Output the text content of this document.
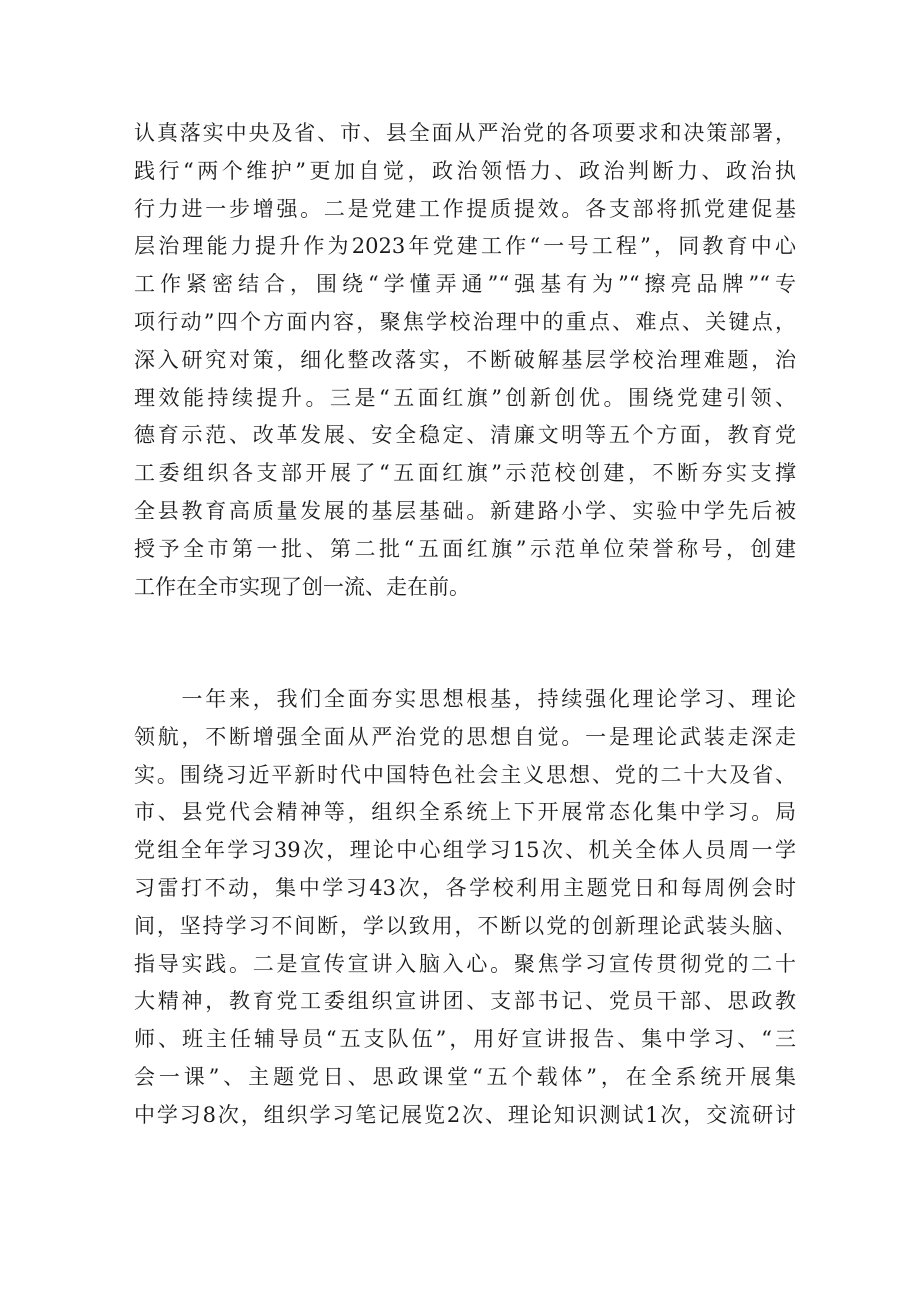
认真落实中央及省、市、县全面从严治党的各项要求和决策部署，
践行“两个维护”更加自觉，政治领悟力、政治判断力、政治执
行力进一步增强。二是党建工作提质提效。各支部将抓党建促基
层治理能力提升作为2023年党建工作“一号工程”，同教育中心
工作紧密结合，围绕“学懂弄通”“强基有为”“擦亮品牌”“专
项行动”四个方面内容，聚焦学校治理中的重点、难点、关键点，
深入研究对策，细化整改落实，不断破解基层学校治理难题，治
理效能持续提升。三是“五面红旗”创新创优。围绕党建引领、
德育示范、改革发展、安全稳定、清廉文明等五个方面，教育党
工委组织各支部开展了“五面红旗”示范校创建，不断夯实支撑
全县教育高质量发展的基层基础。新建路小学、实验中学先后被
授予全市第一批、第二批“五面红旗”示范单位荣誉称号，创建
工作在全市实现了创一流、走在前。
　　一年来，我们全面夯实思想根基，持续强化理论学习、理论
领航，不断增强全面从严治党的思想自觉。一是理论武装走深走
实。围绕习近平新时代中国特色社会主义思想、党的二十大及省、
市、县党代会精神等，组织全系统上下开展常态化集中学习。局
党组全年学习39次，理论中心组学习15次、机关全体人员周一学
习雷打不动，集中学习43次，各学校利用主题党日和每周例会时
间，坚持学习不间断，学以致用，不断以党的创新理论武装头脑、
指导实践。二是宣传宣讲入脑入心。聚焦学习宣传贯彻党的二十
大精神，教育党工委组织宣讲团、支部书记、党员干部、思政教
师、班主任辅导员“五支队伍”，用好宣讲报告、集中学习、“三
会一课”、主题党日、思政课堂“五个载体”，在全系统开展集
中学习8次，组织学习笔记展览2次、理论知识测试1次，交流研讨
